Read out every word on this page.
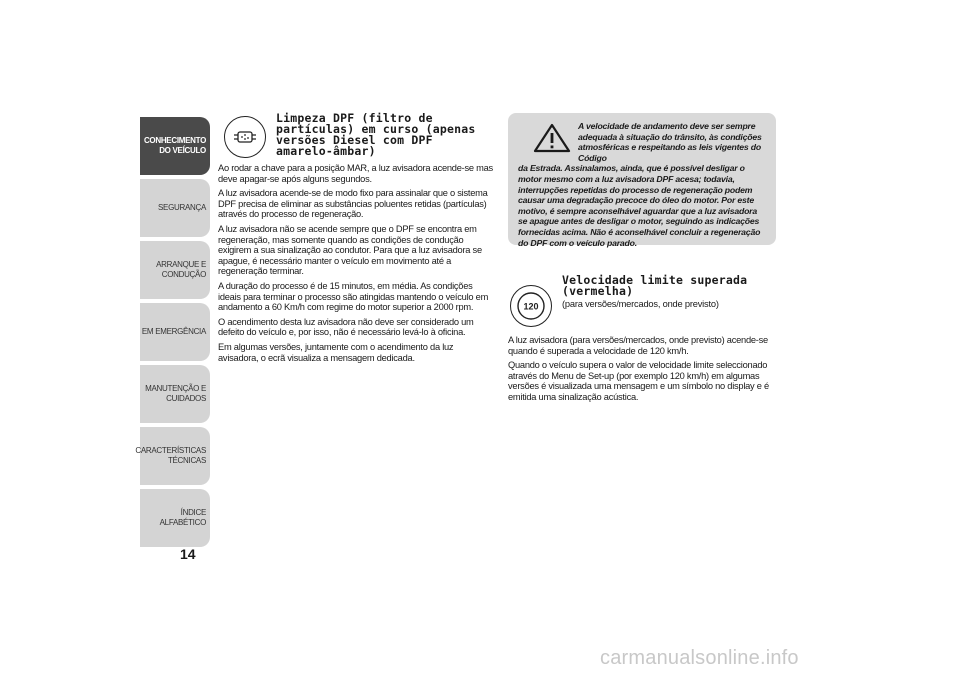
CONHECIMENTO
DO VEÍCULO
SEGURANÇA
ARRANQUE E
CONDUÇÃO
EM EMERGÊNCIA
MANUTENÇÃO E
CUIDADOS
CARACTERÍSTICAS
TÉCNICAS
ÍNDICE ALFABÉTICO
14
Limpeza DPF (filtro de partículas) em curso (apenas versões Diesel com DPF amarelo-âmbar)

Ao rodar a chave para a posição MAR, a luz avisadora acende-se mas deve apagar-se após alguns segundos.

A luz avisadora acende-se de modo fixo para assinalar que o sistema DPF precisa de eliminar as substâncias poluentes retidas (partículas) através do processo de regeneração.

A luz avisadora não se acende sempre que o DPF se encontra em regeneração, mas somente quando as condições de condução exigirem a sua sinalização ao condutor. Para que a luz avisadora se apague, é necessário manter o veículo em movimento até a regeneração terminar.

A duração do processo é de 15 minutos, em média. As condições ideais para terminar o processo são atingidas mantendo o veículo em andamento a 60 Km/h com regime do motor superior a 2000 rpm.

O acendimento desta luz avisadora não deve ser considerado um defeito do veículo e, por isso, não é necessário levá-lo à oficina.

Em algumas versões, juntamente com o acendimento da luz avisadora, o ecrã visualiza a mensagem dedicada.

A velocidade de andamento deve ser sempre adequada à situação do trânsito, às condições atmosféricas e respeitando as leis vigentes do Código
da Estrada. Assinalamos, ainda, que é possível desligar o motor mesmo com a luz avisadora DPF acesa; todavia, interrupções repetidas do processo de regeneração podem causar uma degradação precoce do óleo do motor. Por este motivo, é sempre aconselhável aguardar que a luz avisadora se apague antes de desligar o motor, seguindo as indicações fornecidas acima. Não é aconselhável concluir a regeneração do DPF com o veículo parado.
120
Velocidade limite superada (vermelha)
(para versões/mercados, onde previsto)

A luz avisadora (para versões/mercados, onde previsto) acende-se quando é superada a velocidade de 120 km/h.

Quando o veículo supera o valor de velocidade limite seleccionado através do Menu de Set-up (por exemplo 120 km/h) em algumas versões é visualizada uma mensagem e um símbolo no display e é emitida uma sinalização acústica.

carmanualsonline.info
